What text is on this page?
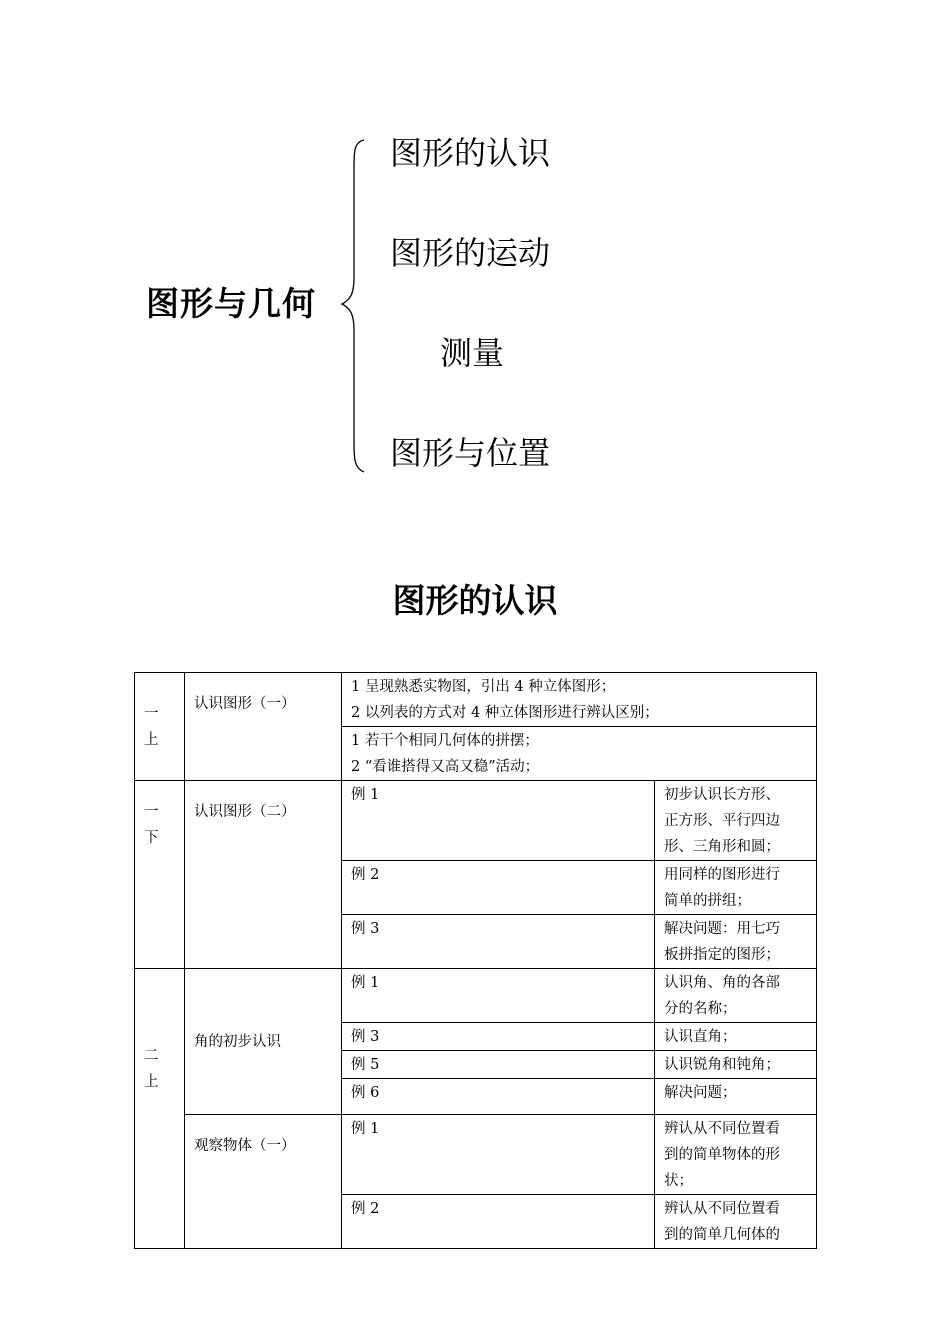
图形与几何
图形的认识
图形的运动
测量
图形与位置
图形的认识
一
上	认识图形（一）	1 呈现熟悉实物图，引出 4 种立体图形；
2 以列表的方式对 4 种立体图形进行辨认区别；	

		1 若干个相同几何体的拼摆；
2 “看谁搭得又高又稳”活动；	

一
下	认识图形（二）	例 1	初步认识长方形、
正方形、平行四边
形、三角形和圆；

		例 2	用同样的图形进行
简单的拼组；

		例 3	解决问题：用七巧
板拼指定的图形；

二
上	角的初步认识	例 1	认识角、角的各部
分的名称；

		例 3	认识直角；
		例 5	认识锐角和钝角；
		例 6	解决问题；
	观察物体（一）	例 1	辨认从不同位置看
到的简单物体的形
状；

		例 2	辨认从不同位置看
到的简单几何体的
